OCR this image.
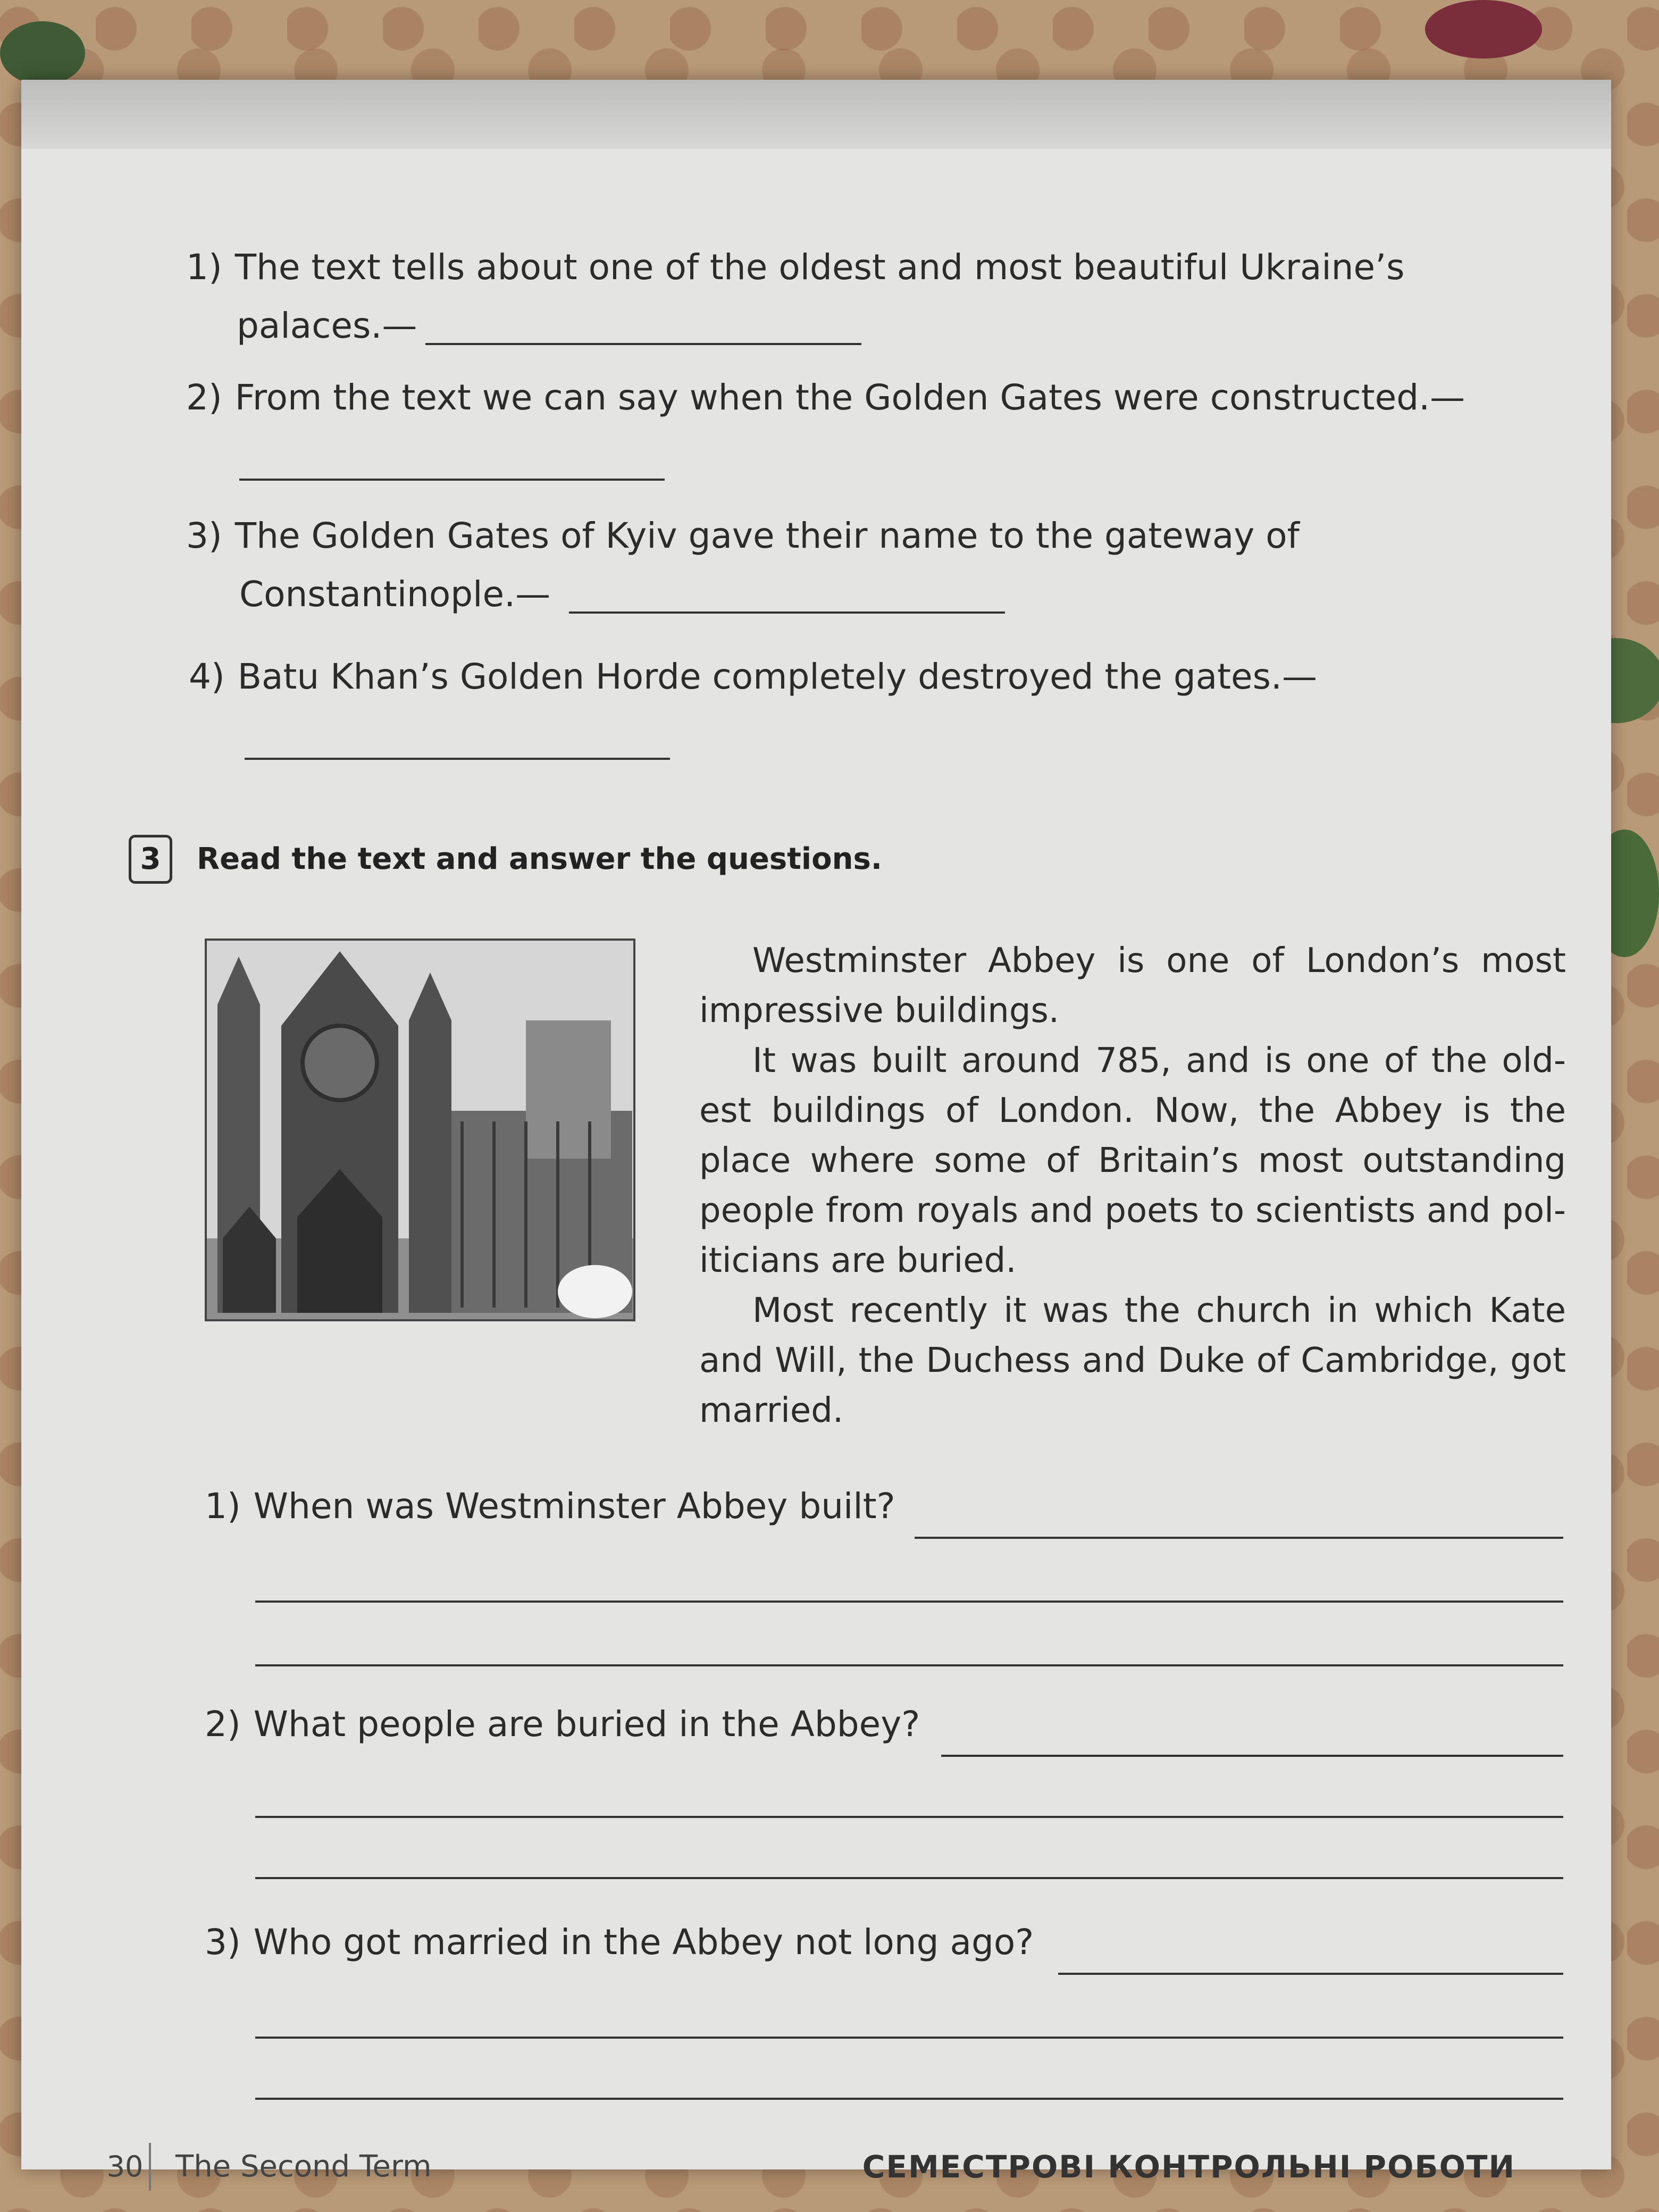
1) The text tells about one of the oldest and most beautiful Ukraine’s
palaces.—
2) From the text we can say when the Golden Gates were constructed.—
3) The Golden Gates of Kyiv gave their name to the gateway of
Constantinople.—
4) Batu Khan’s Golden Horde completely destroyed the gates.—
3	Read the text and answer the questions.

Westminster Abbey is one of London’s most impressive buildings.

It was built around 785, and is one of the old-est buildings of London. Now, the Abbey is the place where some of Britain’s most outstanding people from royals and poets to scientists and pol-iticians are buried.

Most recently it was the church in which Kate and Will, the Duchess and Duke of Cambridge, got married.

1) When was Westminster Abbey built?
2) What people are buried in the Abbey?
3) Who got married in the Abbey not long ago?
30 The Second Term	СЕМЕСТРОВІ КОНТРОЛЬНІ РОБОТИ
